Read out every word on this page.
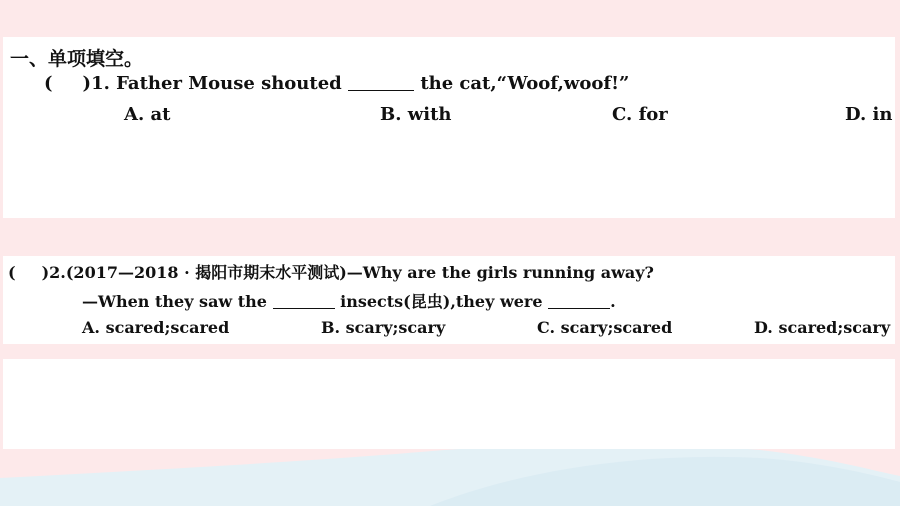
一、单项填空。
( )1. Father Mouse shouted	the cat,“Woof,woof!”
A. at	B. with	C. for	D. in
( )2.(2017—2018 · 揭阳市期末水平测试)—Why are the girls running away?
—When they saw the	insects(昆虫),they were	.
A. scared;scared	B. scary;scary	C. scary;scared	D. scared;scary
